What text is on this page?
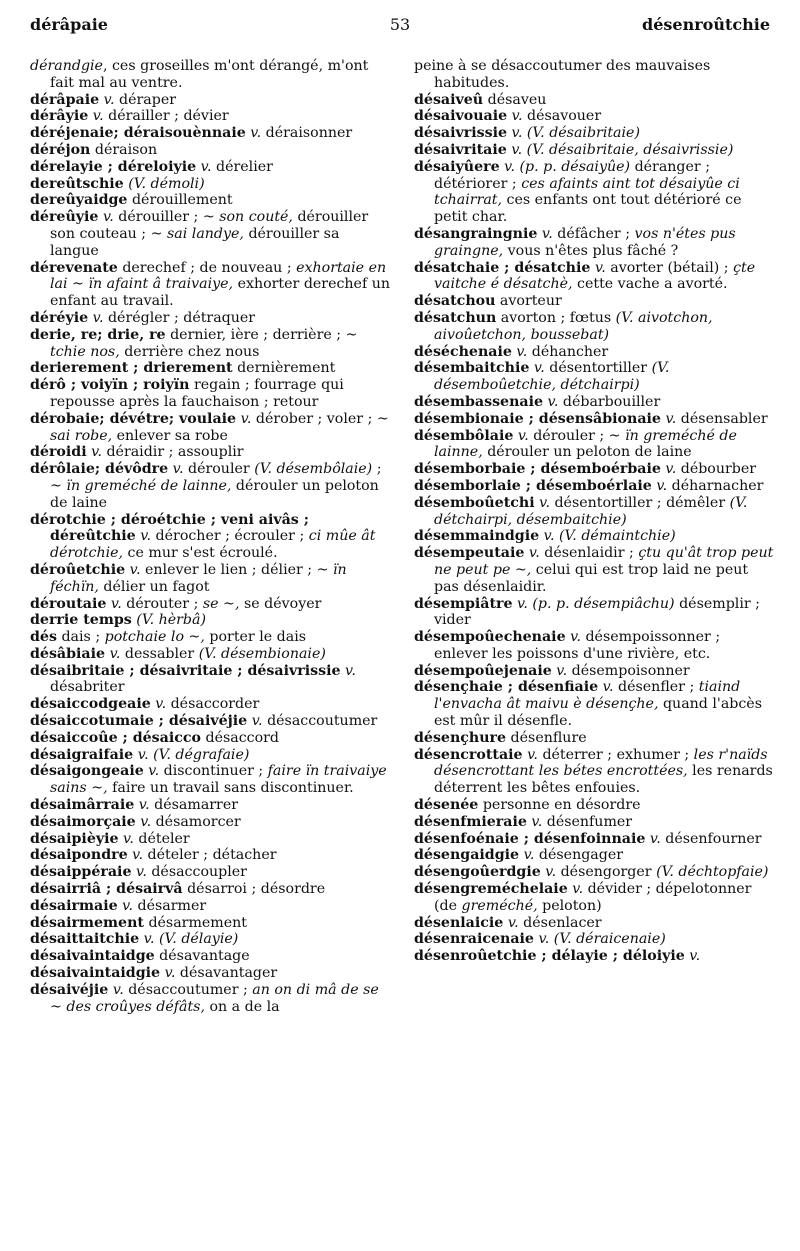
dérâpaie	53	désenroûtchie

dérandgie, ces groseilles m'ont dérangé, m'ont fait mal au ventre.

dérâpaie v. déraper

dérâyie v. dérailler ; dévier

déréjenaie; déraisouènnaie v. déraisonner

déréjon déraison

dérelayie ; dérelоiyie v. dérelier

dereûtschie (V. démoli)

dereûyaidge dérouillement

déreûyie v. dérouiller ; ~ son couté, dérouiller son couteau ; ~ sai landye, dérouiller sa langue

dérevenate derechef ; de nouveau ; exhortaie en lai ~ ïn afaint â traivaiye, exhorter derechef un enfant au travail.

déréyie v. dérégler ; détraquer

derie, re; drie, re dernier, ière ; derrière ; ~ tchie nos, derrière chez nous

derierement ; drierement dernièrement

dérô ; voiyïn ; roiyïn regain ; fourrage qui repousse après la fauchaison ; retour

dérobaie; dévétre; voulaie v. dérober ; voler ; ~ sai robe, enlever sa robe

déroidi v. déraidir ; assouplir

dérôlaie; dévôdre v. dérouler (V. désembôlaie) ; ~ ïn greméché de lainne, dérouler un peloton de laine

dérotchie ; déroétchie ; veni aivâs ; déreûtchie v. dérocher ; écrouler ; ci mûe ât dérotchie, ce mur s'est écroulé.

déroûetchie v. enlever le lien ; délier ; ~ ïn féchïn, délier un fagot

déroutaie v. dérouter ; se ~, se dévoyer

derrie temps (V. hèrbâ)

dés dais ; potchaie lo ~, porter le dais

désâbiaie v. dessabler (V. désembionaie)

désaibritaie ; désaivritaie ; désaivrissie v. désabriter

désaiccodgeaie v. désaccorder

désaiccotumaie ; désaivéjie v. désaccoutumer

désaiccoûe ; désaicco désaccord

désaigraifaie v. (V. dégrafaie)

désaigongeaie v. discontinuer ; faire ïn traivaiye sains ~, faire un travail sans discontinuer.

désaimârraie v. désamarrer

désaimorçaie v. désamorcer

désaipièyie v. dételer

désaipondre v. dételer ; détacher

désaippéraie v. désaccoupler

désairriâ ; désairvâ désarroi ; désordre

désairmaie v. désarmer

désairmement désarmement

désaittaitchie v. (V. délayie)

désaivaintaidge désavantage

désaivaintaidgie v. désavantager

désaivéjie v. désaccoutumer ; an on di mâ de se ~ des croûyes défâts, on a de la

peine à se désaccoutumer des mauvaises habitudes.

désaiveû désaveu

désaivouaie v. désavouer

désaivrissie v. (V. désaibritaie)

désaivritaie v. (V. désaibritaie, désaivrissie)

désaiyûere v. (p. p. désaiyûe) déranger ; détériorer ; ces afaints aint tot désaiyûe ci tchairrat, ces enfants ont tout détérioré ce petit char.

désangraingnie v. défâcher ; vos n'étes pus graingne, vous n'êtes plus fâché ?

désatchaie ; désatchie v. avorter (bétail) ; çte vaitche é désatchè, cette vache a avorté.

désatchou avorteur

désatchun avorton ; fœtus (V. aivotchon, aivoûetchon, boussebat)

déséchenaie v. déhancher

désembaitchie v. désentortiller (V. désemboûetchie, détchairpi)

désembassenaie v. débarbouiller

désembionaie ; désensâbionaie v. désensabler

désembôlaie v. dérouler ; ~ ïn greméché de lainne, dérouler un peloton de laine

désemborbaie ; désemboérbaie v. débourber

désemborlaie ; désemboérlaie v. déharnacher

désemboûetchi v. désentortiller ; démêler (V. détchairpi, désembaitchie)

désemmaindgie v. (V. démaintchie)

désempeutaie v. désenlaidir ; çtu qu'ât trop peut ne peut pe ~, celui qui est trop laid ne peut pas désenlaidir.

désempiâtre v. (p. p. désempiâchu) désemplir ; vider

désempoûechenaie v. désempoissonner ; enlever les poissons d'une rivière, etc.

désempoûejenaie v. désempoisonner

désençhaie ; désenfiaie v. désenfler ; tiaind l'envacha ât maivu è désençhe, quand l'abcès est mûr il désenfle.

désençhure désenflure

désencrottaie v. déterrer ; exhumer ; les r'naïds désencrottant les bétes encrottées, les renards déterrent les bêtes enfouies.

désenée personne en désordre

désenfmieraie v. désenfumer

désenfoénaie ; désenfoinnaie v. désenfourner

désengaidgie v. désengager

désengoûerdgie v. désengorger (V. déchtopfaie)

désengreméchelaie v. dévider ; dépelotonner (de greméché, peloton)

désenlaicie v. désenlacer

désenraicenaie v. (V. déraicenaie)

désenroûetchie ; délayie ; déloiyie v.
